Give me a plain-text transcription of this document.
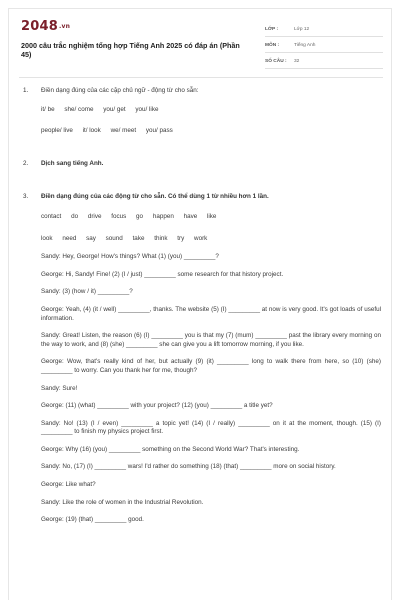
2048.vn
2000 câu trắc nghiệm tổng hợp Tiếng Anh 2025 có đáp án (Phần 45)
LỚP :	Lớp 12
MÔN :	Tiếng Anh
SỐ CÂU :	32
1.	Điền dạng đúng của các cặp chủ ngữ - động từ cho sẵn:
it/ be she/ come you/ get you/ like
people/ live it/ look we/ meet you/ pass
2.	Dịch sang tiếng Anh.
3.	Điền dạng đúng của các động từ cho sẵn. Có thể dùng 1 từ nhiều hơn 1 lần.
contact do drive focus go happen have like
look need say sound take think try work

Sandy: Hey, George! How's things? What (1) (you) _________?

George: Hi, Sandy! Fine! (2) (I / just) _________ some research for that history project.

Sandy: (3) (how / it) _________?

George: Yeah, (4) (it / well) _________, thanks. The website (5) (I) _________ at now is very good. It's got loads of useful information.

Sandy: Great! Listen, the reason (6) (I) _________ you is that my (7) (mum) _________ past the library every morning on the way to work, and (8) (she) _________ she can give you a lift tomorrow morning, if you like.

George: Wow, that's really kind of her, but actually (9) (it) _________ long to walk there from here, so (10) (she) _________ to worry. Can you thank her for me, though?

Sandy: Sure!

George: (11) (what) _________ with your project? (12) (you) _________ a title yet?

Sandy: No! (13) (I / even) _________ a topic yet! (14) (I / really) _________ on it at the moment, though. (15) (I) _________ to finish my physics project first.

George: Why (16) (you) _________ something on the Second World War? That's interesting.

Sandy: No, (17) (I) _________ wars! I'd rather do something (18) (that) _________ more on social history.

George: Like what?

Sandy: Like the role of women in the Industrial Revolution.

George: (19) (that) _________ good.
